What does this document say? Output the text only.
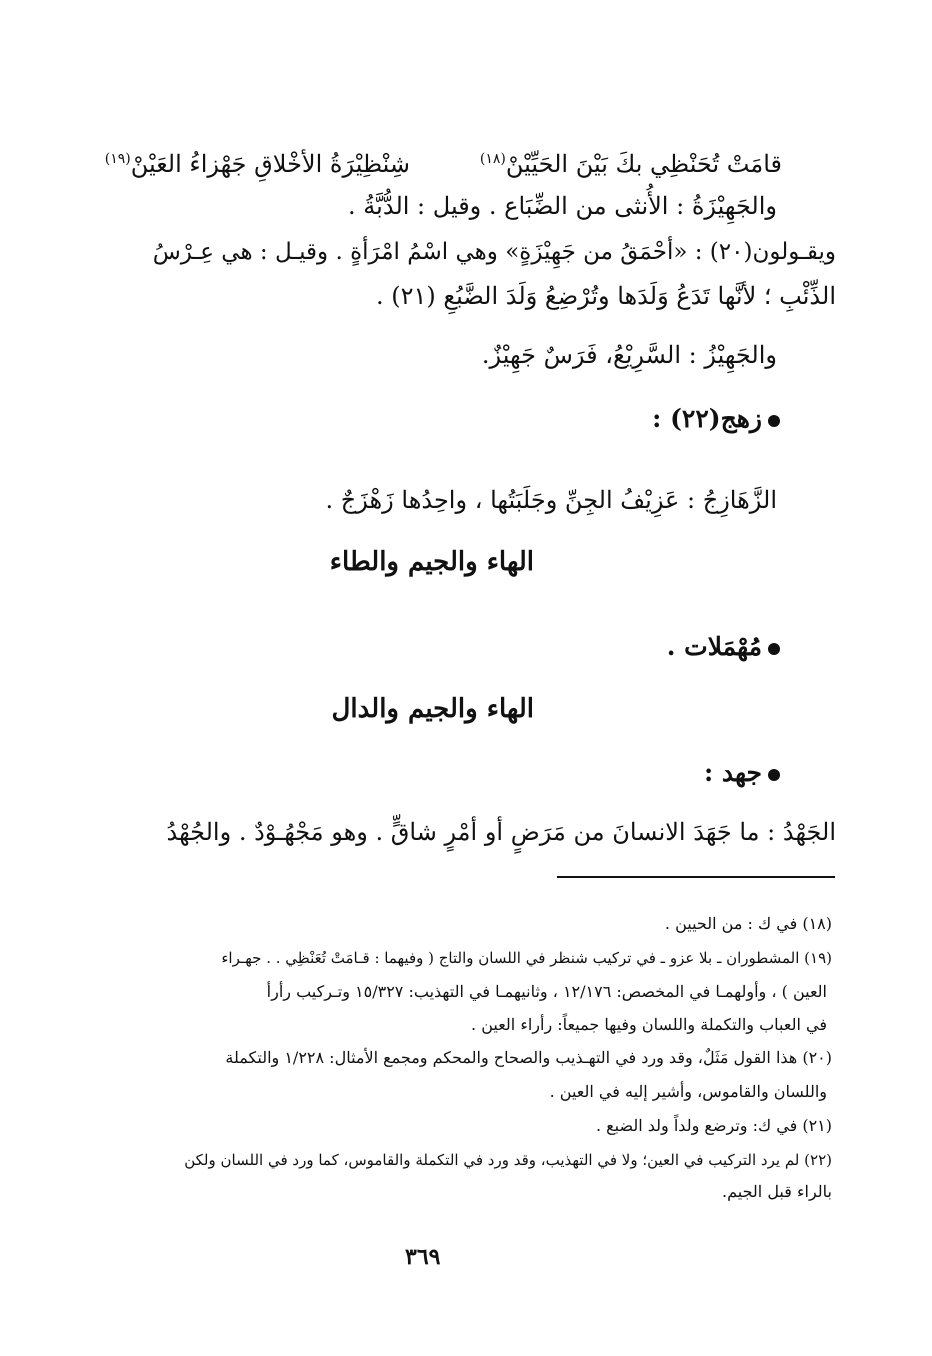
قامَتْ تُحَنْظِي بكَ بَيْنَ الحَيِّيْنْ$^{(١٨)}$
شِنْظِيْرَةُ الأخْلاقِ جَهْزاءُ العَيْنْ$^{(١٩)}$
والجَهِيْزَةُ : الأُنثى من الضِّبَاع . وقيل : الدُّبَّةُ .
ويقـولون(٢٠) : «أحْمَقُ من جَهِيْزَةٍ» وهي اسْمُ امْرَأةٍ . وقيـل : هي عِـرْسُ
الذِّئْبِ ؛ لأنَّها تَدَعُ وَلَدَها وتُرْضِعُ وَلَدَ الضَّبُعِ (٢١) .
والجَهِيْزُ : السَّرِيْعُ، فَرَسٌ جَهِيْزٌ.
زهج(٢٢) :
الزَّهَازِجُ : عَزِيْفُ الجِنِّ وجَلَبَتُها ، واحِدُها زَهْزَجٌ .
الهاء والجيم والطاء
مُهْمَلات .
الهاء والجيم والدال
جهد :
الجَهْدُ : ما جَهَدَ الانسانَ من مَرَضٍ أو أمْرٍ شاقٍّ . وهو مَجْهُـوْدٌ . والجُهْدُ
(١٨) في ك : من الحيين .
(١٩) المشطوران ـ بلا عزو ـ في تركيب شنظر في اللسان والتاج ( وفيهما : قـامَتْ تُعَنْظِي . . جهـراء
العين ) ، وأولهمـا في المخصص: ١٢/١٧٦ ، وثانيهمـا في التهذيب: ١٥/٣٢٧ وتـركيب رأرأ
في العباب والتكملة واللسان وفيها جميعاً: رأراء العين .
(٢٠) هذا القول مَثَلٌ، وقد ورد في التهـذيب والصحاح والمحكم ومجمع الأمثال: ١/٢٢٨ والتكملة
واللسان والقاموس، وأشير إليه في العين .
(٢١) في ك: وترضع ولداً ولد الضبع .
(٢٢) لم يرد التركيب في العين؛ ولا في التهذيب، وقد ورد في التكملة والقاموس، كما ورد في اللسان ولكن
بالراء قبل الجيم.
٣٦٩
